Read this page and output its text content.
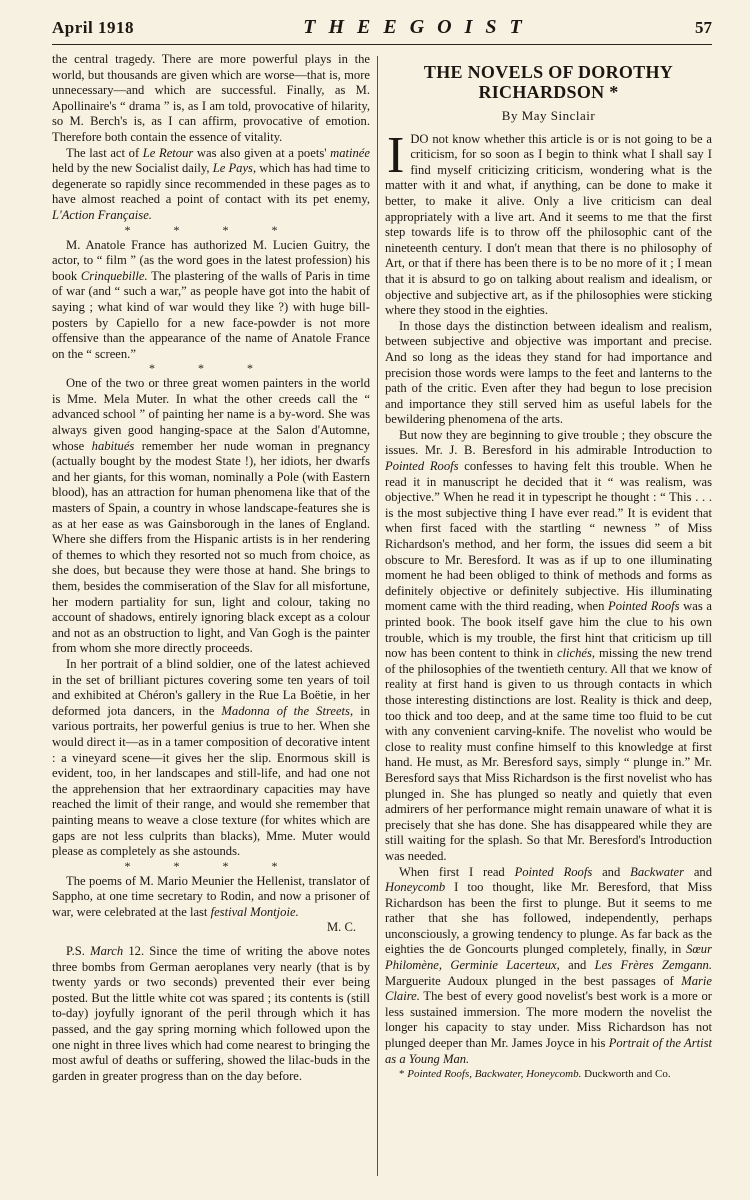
April 1918	T H E E G O I S T	57

the central tragedy. There are more powerful plays in the world, but thousands are given which are worse—that is, more unnecessary—and which are successful. Finally, as M. Apollinaire's “ drama ” is, as I am told, provocative of hilarity, so M. Berch's is, as I can affirm, provocative of emotion. Therefore both contain the essence of vitality.

The last act of Le Retour was also given at a poets' matinée held by the new Socialist daily, Le Pays, which has had time to degenerate so rapidly since recommended in these pages as to have almost reached a point of contact with its pet enemy, L'Action Française.

* * * *

M. Anatole France has authorized M. Lucien Guitry, the actor, to “ film ” (as the word goes in the latest profession) his book Crinquebille. The plastering of the walls of Paris in time of war (and “ such a war,” as people have got into the habit of saying ; what kind of war would they like ?) with huge bill-posters by Capiello for a new face-powder is not more offensive than the appearance of the name of Anatole France on the “ screen.”

* * *

One of the two or three great women painters in the world is Mme. Mela Muter. In what the other creeds call the “ advanced school ” of painting her name is a by-word. She was always given good hanging-space at the Salon d'Automne, whose habitués remember her nude woman in pregnancy (actually bought by the modest State !), her idiots, her dwarfs and her giants, for this woman, nominally a Pole (with Eastern blood), has an attraction for human phenomena like that of the masters of Spain, a country in whose landscape-features she is as at her ease as was Gainsborough in the lanes of England. Where she differs from the Hispanic artists is in her rendering of themes to which they resorted not so much from choice, as she does, but because they were those at hand. She brings to them, besides the commiseration of the Slav for all misfortune, her modern partiality for sun, light and colour, taking no account of shadows, entirely ignoring black except as a colour and not as an obstruction to light, and Van Gogh is the painter from whom she more directly proceeds.

In her portrait of a blind soldier, one of the latest achieved in the set of brilliant pictures covering some ten years of toil and exhibited at Chéron's gallery in the Rue La Boëtie, in her deformed jota dancers, in the Madonna of the Streets, in various portraits, her powerful genius is true to her. When she would direct it—as in a tamer composition of decorative intent : a vineyard scene—it gives her the slip. Enormous skill is evident, too, in her landscapes and still-life, and had one not the apprehension that her extraordinary capacities may have reached the limit of their range, and would she remember that painting means to weave a close texture (for whites which are gaps are not less culprits than blacks), Mme. Muter would please as completely as she astounds.

* * * *

The poems of M. Mario Meunier the Hellenist, translator of Sappho, at one time secretary to Rodin, and now a prisoner of war, were celebrated at the last festival Montjoie.

M. C.

P.S. March 12. Since the time of writing the above notes three bombs from German aeroplanes very nearly (that is by twenty yards or two seconds) prevented their ever being posted. But the little white cot was spared ; its contents is (still to-day) joyfully ignorant of the peril through which it has passed, and the gay spring morning which followed upon the one night in three lives which had come nearest to bringing the most awful of deaths or suffering, showed the lilac-buds in the garden in greater progress than on the day before.

THE NOVELS OF DOROTHY RICHARDSON *
By May Sinclair

I DO not know whether this article is or is not going to be a criticism, for so soon as I begin to think what I shall say I find myself criticizing criticism, wondering what is the matter with it and what, if anything, can be done to make it better, to make it alive. Only a live criticism can deal appropriately with a live art. And it seems to me that the first step towards life is to throw off the philosophic cant of the nineteenth century. I don't mean that there is no philosophy of Art, or that if there has been there is to be no more of it ; I mean that it is absurd to go on talking about realism and idealism, or objective and subjective art, as if the philosophies were sticking where they stood in the eighties.

In those days the distinction between idealism and realism, between subjective and objective was important and precise. And so long as the ideas they stand for had importance and precision those words were lamps to the feet and lanterns to the path of the critic. Even after they had begun to lose precision and importance they still served him as useful labels for the bewildering phenomena of the arts.

But now they are beginning to give trouble ; they obscure the issues. Mr. J. B. Beresford in his admirable Introduction to Pointed Roofs confesses to having felt this trouble. When he read it in manuscript he decided that it “ was realism, was objective.” When he read it in typescript he thought : “ This . . . is the most subjective thing I have ever read.” It is evident that when first faced with the startling “ newness ” of Miss Richardson's method, and her form, the issues did seem a bit obscure to Mr. Beresford. It was as if up to one illuminating moment he had been obliged to think of methods and forms as definitely objective or definitely subjective. His illuminating moment came with the third reading, when Pointed Roofs was a printed book. The book itself gave him the clue to his own trouble, which is my trouble, the first hint that criticism up till now has been content to think in clichés, missing the new trend of the philosophies of the twentieth century. All that we know of reality at first hand is given to us through contacts in which those interesting distinctions are lost. Reality is thick and deep, too thick and too deep, and at the same time too fluid to be cut with any convenient carving-knife. The novelist who would be close to reality must confine himself to this knowledge at first hand. He must, as Mr. Beresford says, simply “ plunge in.” Mr. Beresford says that Miss Richardson is the first novelist who has plunged in. She has plunged so neatly and quietly that even admirers of her performance might remain unaware of what it is precisely that she has done. She has disappeared while they are still waiting for the splash. So that Mr. Beresford's Introduction was needed.

When first I read Pointed Roofs and Backwater and Honeycomb I too thought, like Mr. Beresford, that Miss Richardson has been the first to plunge. But it seems to me rather that she has followed, independently, perhaps unconsciously, a growing tendency to plunge. As far back as the eighties the de Goncourts plunged completely, finally, in Sœur Philomène, Germinie Lacerteux, and Les Frères Zemgann. Marguerite Audoux plunged in the best passages of Marie Claire. The best of every good novelist's best work is a more or less sustained immersion. The more modern the novelist the longer his capacity to stay under. Miss Richardson has not plunged deeper than Mr. James Joyce in his Portrait of the Artist as a Young Man.

* Pointed Roofs, Backwater, Honeycomb. Duckworth and Co.
